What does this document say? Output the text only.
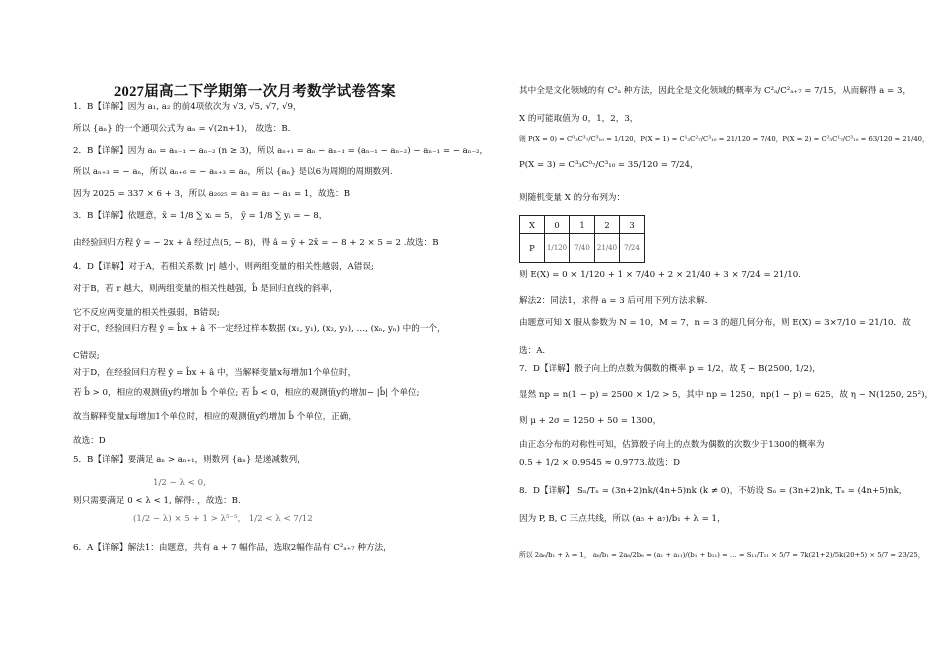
2027届高二下学期第一次月考数学试卷答案
1．B【详解】因为 a₁, a₂ 的前4项依次为 √3, √5, √7, √9，
所以 {aₙ} 的一个通项公式为 aₙ = √(2n+1)， 故选：B．
2．B【详解】因为 aₙ = aₙ₋₁ − aₙ₋₂ (n ≥ 3)，所以 aₙ₊₁ = aₙ − aₙ₋₁ = (aₙ₋₁ − aₙ₋₂) − aₙ₋₁ = − aₙ₋₂，
所以 aₙ₊₃ = − aₙ，所以 aₙ₊₆ = − aₙ₊₃ = aₙ，所以 {aₙ} 是以6为周期的周期数列.
因为 2025 = 337 × 6 + 3，所以 a₂₀₂₅ = a₃ = a₂ − a₁ = 1，故选：B
3．B【详解】依题意，x̄ = 1/8 ∑ xᵢ = 5， ȳ = 1/8 ∑ yᵢ = − 8，
由经验回归方程 ŷ = − 2x + â 经过点(5, − 8)，得 â = ȳ + 2x̄ = − 8 + 2 × 5 = 2 .故选：B
4．D【详解】对于A，若相关系数 |r| 越小，则两组变量的相关性越弱，A错误;
对于B，若 r 越大，则两组变量的相关性越强，b̂ 是回归直线的斜率，
它不反应两变量的相关性强弱，B错误;
对于C，经验回归方程 ŷ = b̂x + â 不一定经过样本数据 (x₁, y₁), (x₂, y₂), …, (xₙ, yₙ) 中的一个，
C错误;
对于D，在经验回归方程 ŷ = b̂x + â 中，当解释变量x每增加1个单位时，
若 b̂ > 0，相应的观测值y约增加 b̂ 个单位; 若 b̂ < 0，相应的观测值y约增加− |b̂| 个单位;
故当解释变量x每增加1个单位时，相应的观测值y约增加 b̂ 个单位，正确，
故选：D
5．B【详解】要满足 aₙ > aₙ₊₁，则数列 {aₙ} 是递减数列，
1/2 − λ < 0,
则只需要满足 0 < λ < 1, 解得: ，故选：B.
(1/2 − λ) × 5 + 1 > λ⁵⁻⁵， 1/2 < λ < 7/12
6．A【详解】解法1：由题意，共有 a + 7 幅作品，选取2幅作品有 C²ₐ₊₇ 种方法，
其中全是文化领域的有 C²ₐ 种方法，因此全是文化领域的概率为 C²ₐ/C²ₐ₊₇ = 7/15，从而解得 a = 3，
X 的可能取值为 0，1，2，3，
则 P(X = 0) = C⁰₃C³₇/C³₁₀ = 1/120，P(X = 1) = C¹₃C²₇/C³₁₀ = 21/120 = 7/40，P(X = 2) = C²₃C¹₇/C³₁₀ = 63/120 = 21/40，
P(X = 3) = C³₃C⁰₇/C³₁₀ = 35/120 = 7/24，
则随机变量 X 的分布列为：
X	0	1	2	3
P	1/120	7/40	21/40	7/24
则 E(X) = 0 × 1/120 + 1 × 7/40 + 2 × 21/40 + 3 × 7/24 = 21/10.
解法2：同法1，求得 a = 3 后可用下列方法求解.
由题意可知 X 服从参数为 N = 10，M = 7，n = 3 的超几何分布，则 E(X) = 3×7/10 = 21/10．故
选：A.
7．D【详解】骰子向上的点数为偶数的概率 p = 1/2，故 ξ ~ B(2500, 1/2)，
显然 np = n(1 − p) = 2500 × 1/2 > 5，其中 np = 1250，np(1 − p) = 625，故 η ~ N(1250, 25²)，
则 μ + 2σ = 1250 + 50 = 1300，
由正态分布的对称性可知，估算骰子向上的点数为偶数的次数少于1300的概率为
0.5 + 1/2 × 0.9545 ≈ 0.9773.故选：D
8．D【详解】 Sₙ/Tₙ = (3n+2)nk/(4n+5)nk (k ≠ 0)，不妨设 Sₙ = (3n+2)nk, Tₙ = (4n+5)nk，
因为 P, B, C 三点共线，所以 (a₅ + a₇)/b₁ + λ = 1，
所以 2a₆/b₁ + λ = 1， a₆/b₁ = 2a₆/2b₆ = (a₁ + a₁₁)/(b₁ + b₁₁) = … = S₁₁/T₁₁ × 5/7 = 7k(21+2)/5k(20+5) × 5/7 = 23/25，
